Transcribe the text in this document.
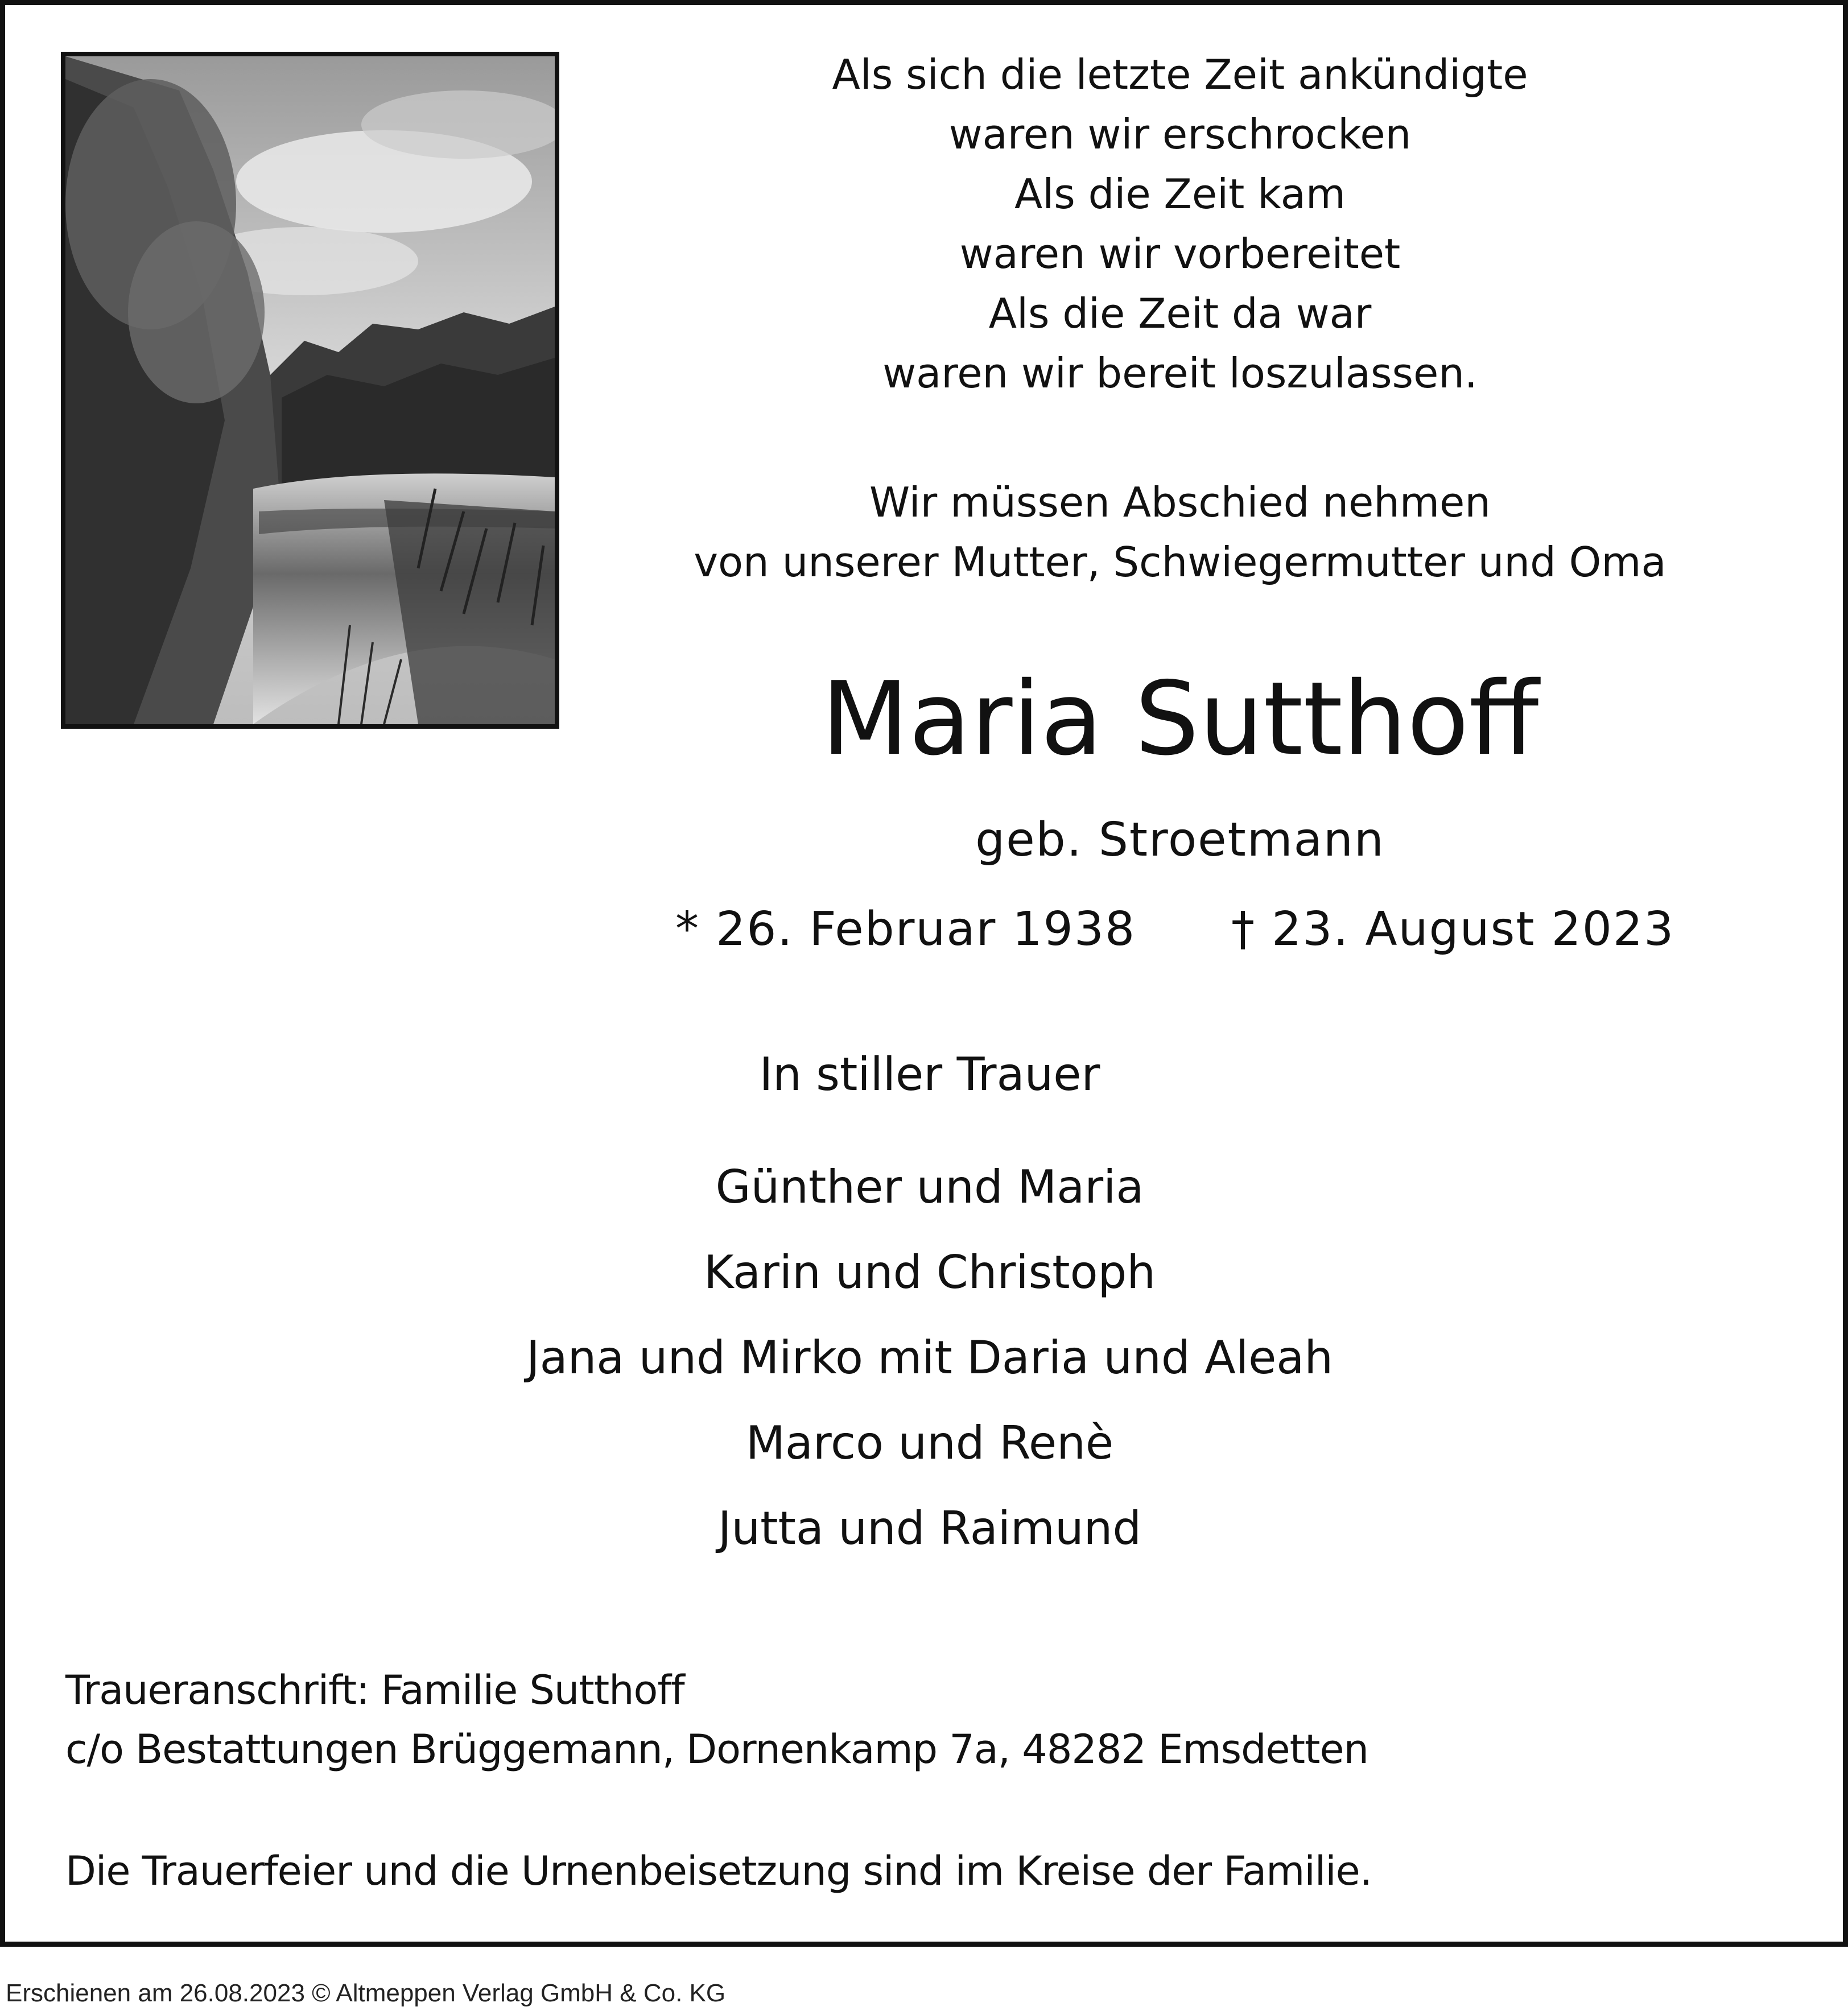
Als sich die letzte Zeit ankündigte
waren wir erschrocken
Als die Zeit kam
waren wir vorbereitet
Als die Zeit da war
waren wir bereit loszulassen.
Wir müssen Abschied nehmen
von unserer Mutter, Schwiegermutter und Oma
Maria Sutthoff
geb. Stroetmann
* 26. Februar 1938 † 23. August 2023
In stiller Trauer
Günther und Maria
Karin und Christoph
Jana und Mirko mit Daria und Aleah
Marco und Renè
Jutta und Raimund
Traueranschrift: Familie Sutthoff
c/o Bestattungen Brüggemann, Dornenkamp 7a, 48282 Emsdetten
Die Trauerfeier und die Urnenbeisetzung sind im Kreise der Familie.
Erschienen am 26.08.2023 © Altmeppen Verlag GmbH & Co. KG
